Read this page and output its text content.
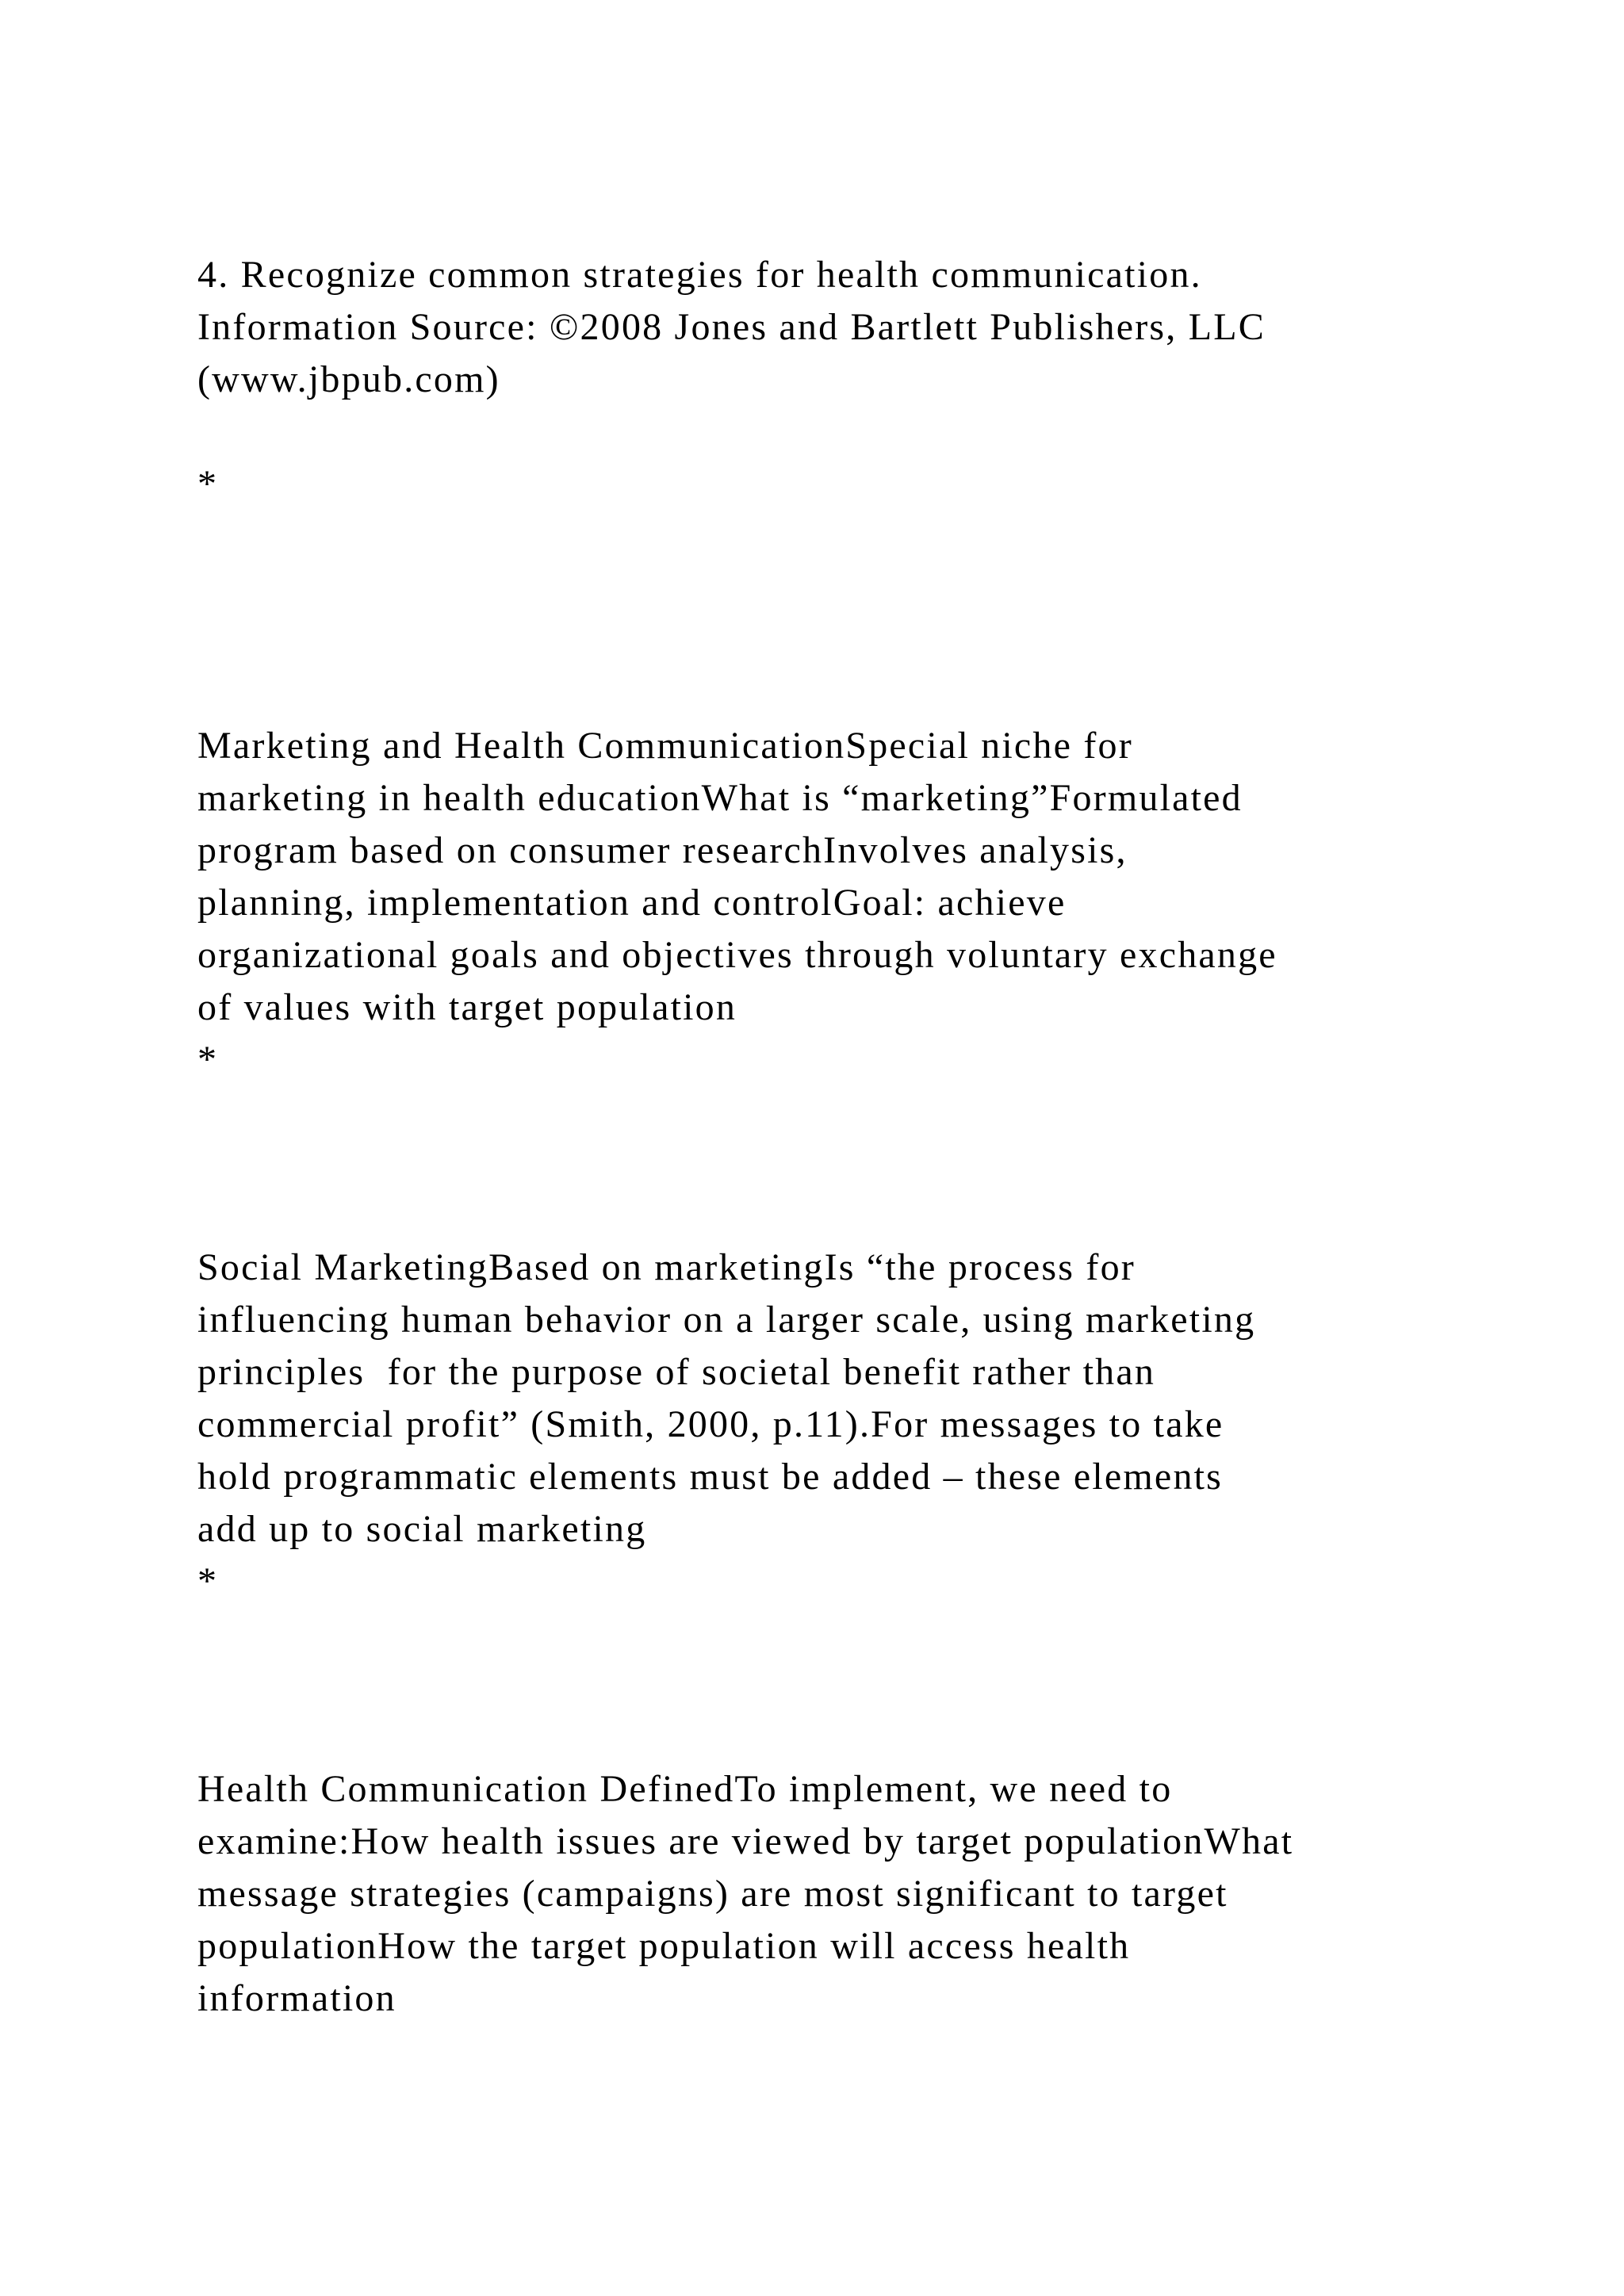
4. Recognize common strategies for health communication.
Information Source: ©2008 Jones and Bartlett Publishers, LLC
(www.jbpub.com)
*
Marketing and Health CommunicationSpecial niche for
marketing in health educationWhat is “marketing”Formulated
program based on consumer researchInvolves analysis,
planning, implementation and controlGoal: achieve
organizational goals and objectives through voluntary exchange
of values with target population
*
Social MarketingBased on marketingIs “the process for
influencing human behavior on a larger scale, using marketing
principles  for the purpose of societal benefit rather than
commercial profit” (Smith, 2000, p.11).For messages to take
hold programmatic elements must be added – these elements
add up to social marketing
*
Health Communication DefinedTo implement, we need to
examine:How health issues are viewed by target populationWhat
message strategies (campaigns) are most significant to target
populationHow the target population will access health
information
